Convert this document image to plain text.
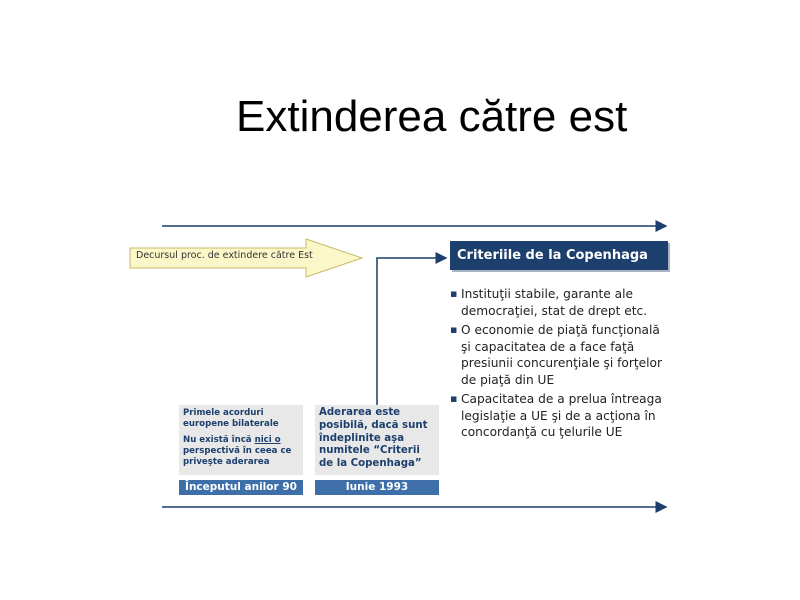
Extinderea către est
Decursul proc. de extindere către Est	Criteriile de la Copenhaga
▪ Instituţii stabile, garante ale democraţiei, stat de drept etc.
▪ O economie de piaţă funcţională şi capacitatea de a face faţă presiunii concurenţiale şi forţelor de piaţă din UE
▪ Capacitatea de a prelua întreaga legislaţie a UE şi de a acţiona în concordanţă cu ţelurile UE

Primele acorduri europene bilaterale

Nu există încă nici o perspectivă în ceea ce priveşte aderarea

Începutul anilor 90
Aderarea este posibilă, dacă sunt îndeplinite aşa numitele “Criterii de la Copenhaga”
Iunie 1993
